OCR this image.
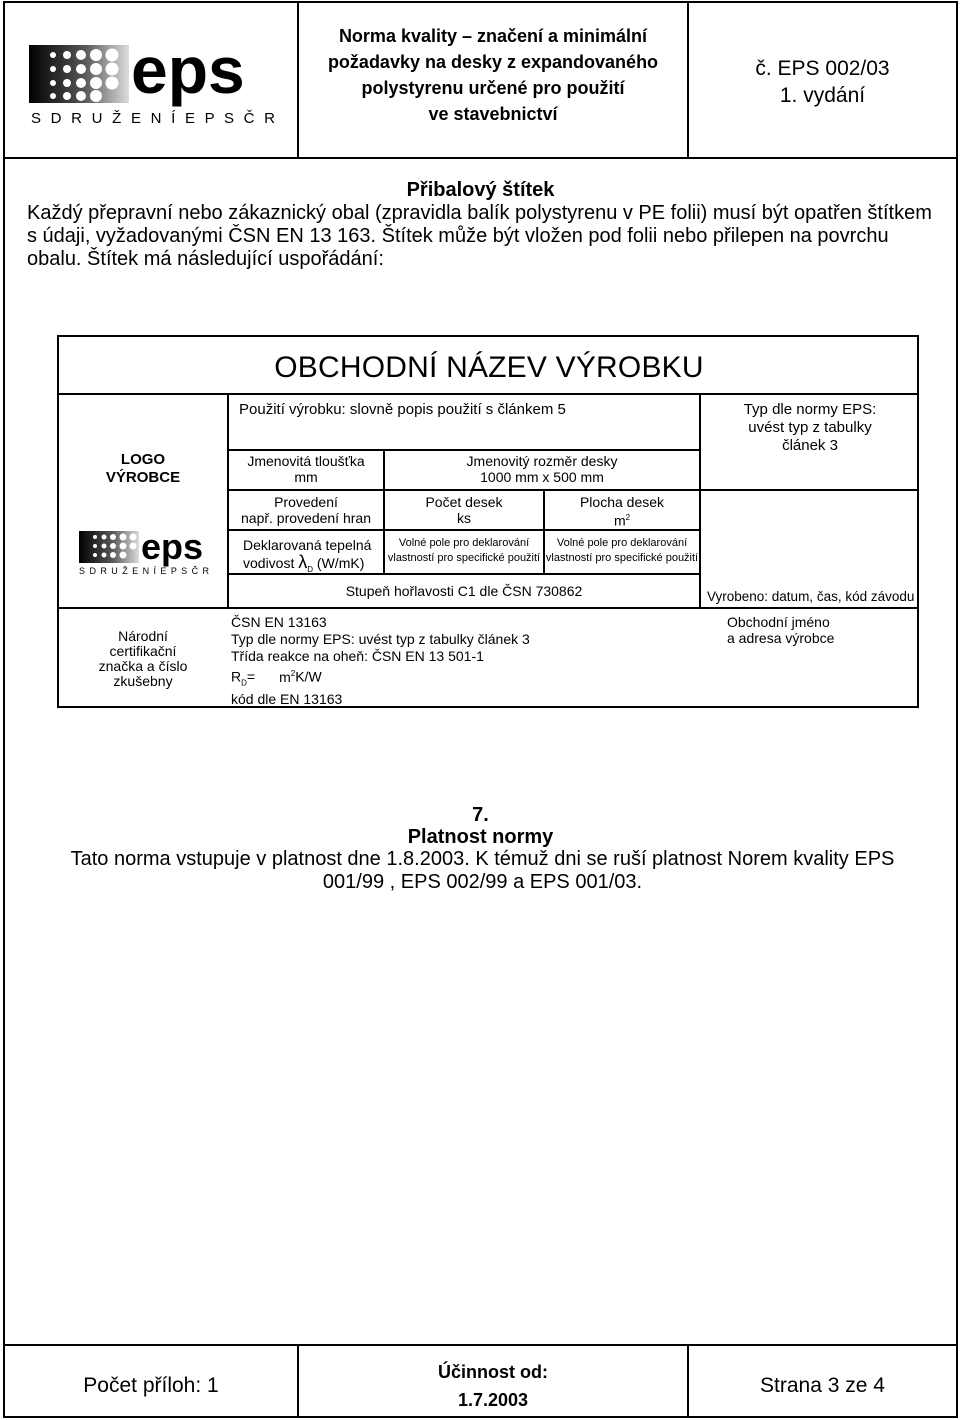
eps
S D R U Ž E N Í E P S Č R
Norma kvality – značení a minimální
požadavky na desky z expandovaného
polystyrenu určené pro použití
ve stavebnictví
č. EPS 002/03
1. vydání
Přibalový štítek
Každý přepravní nebo zákaznický obal (zpravidla balík polystyrenu v PE folii) musí být opatřen štítkem s údaji, vyžadovanými ČSN EN 13 163. Štítek může být vložen pod folii nebo přilepen na povrchu obalu. Štítek má následující uspořádání:
OBCHODNÍ NÁZEV VÝROBKU
LOGO
VÝROBCE
eps
S D R U Ž E N Í E P S Č R
Použití výrobku: slovně popis použití s článkem 5	Typ dle normy EPS:
uvést typ z tabulky
článek 3
Jmenovitá tloušťka
mm
Jmenovitý rozměr desky
1000 mm x 500 mm
Provedení
např. provedení hran
Počet desek
ks
Plocha desek
$m^2$
Deklarovaná tepelná
vodivost $\lambda_D$ (W/mK)
Volné pole pro deklarování
vlastností pro specifické použití
Volné pole pro deklarování
vlastností pro specifické použití
Stupeň hořlavosti C1 dle ČSN 730862	Vyrobeno: datum, čas, kód závodu
Národní
certifikační
značka a číslo
zkušebny
ČSN EN 13163
Typ dle normy EPS: uvést typ z tabulky článek 3
Třída reakce na oheň: ČSN EN 13 501-1
$R_D= m^2K/W$
kód dle EN 13163
Obchodní jméno
a adresa výrobce
7.
Platnost normy
Tato norma vstupuje v platnost dne 1.8.2003. K témuž dni se ruší platnost Norem kvality EPS 001/99 , EPS 002/99 a EPS 001/03.
Počet příloh: 1
Účinnost od:
1.7.2003
Strana 3 ze 4
